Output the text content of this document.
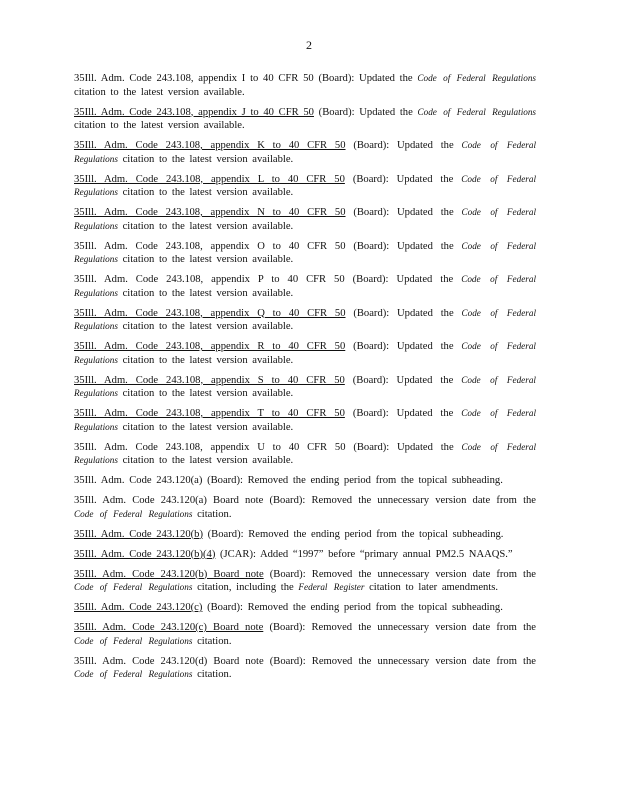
2
35Ill. Adm. Code 243.108, appendix I to 40 CFR 50 (Board): Updated the Code of Federal Regulations citation to the latest version available.
35Ill. Adm. Code 243.108, appendix J to 40 CFR 50 (Board): Updated the Code of Federal Regulations citation to the latest version available.
35Ill. Adm. Code 243.108, appendix K to 40 CFR 50 (Board): Updated the Code of Federal Regulations citation to the latest version available.
35Ill. Adm. Code 243.108, appendix L to 40 CFR 50 (Board): Updated the Code of Federal Regulations citation to the latest version available.
35Ill. Adm. Code 243.108, appendix N to 40 CFR 50 (Board): Updated the Code of Federal Regulations citation to the latest version available.
35Ill. Adm. Code 243.108, appendix O to 40 CFR 50 (Board): Updated the Code of Federal Regulations citation to the latest version available.
35Ill. Adm. Code 243.108, appendix P to 40 CFR 50 (Board): Updated the Code of Federal Regulations citation to the latest version available.
35Ill. Adm. Code 243.108, appendix Q to 40 CFR 50 (Board): Updated the Code of Federal Regulations citation to the latest version available.
35Ill. Adm. Code 243.108, appendix R to 40 CFR 50 (Board): Updated the Code of Federal Regulations citation to the latest version available.
35Ill. Adm. Code 243.108, appendix S to 40 CFR 50 (Board): Updated the Code of Federal Regulations citation to the latest version available.
35Ill. Adm. Code 243.108, appendix T to 40 CFR 50 (Board): Updated the Code of Federal Regulations citation to the latest version available.
35Ill. Adm. Code 243.108, appendix U to 40 CFR 50 (Board): Updated the Code of Federal Regulations citation to the latest version available.
35Ill. Adm. Code 243.120(a) (Board): Removed the ending period from the topical subheading.
35Ill. Adm. Code 243.120(a) Board note (Board): Removed the unnecessary version date from the Code of Federal Regulations citation.
35Ill. Adm. Code 243.120(b) (Board): Removed the ending period from the topical subheading.
35Ill. Adm. Code 243.120(b)(4) (JCAR): Added “1997” before “primary annual PM2.5 NAAQS.”
35Ill. Adm. Code 243.120(b) Board note (Board): Removed the unnecessary version date from the Code of Federal Regulations citation, including the Federal Register citation to later amendments.
35Ill. Adm. Code 243.120(c) (Board): Removed the ending period from the topical subheading.
35Ill. Adm. Code 243.120(c) Board note (Board): Removed the unnecessary version date from the Code of Federal Regulations citation.
35Ill. Adm. Code 243.120(d) Board note (Board): Removed the unnecessary version date from the Code of Federal Regulations citation.
